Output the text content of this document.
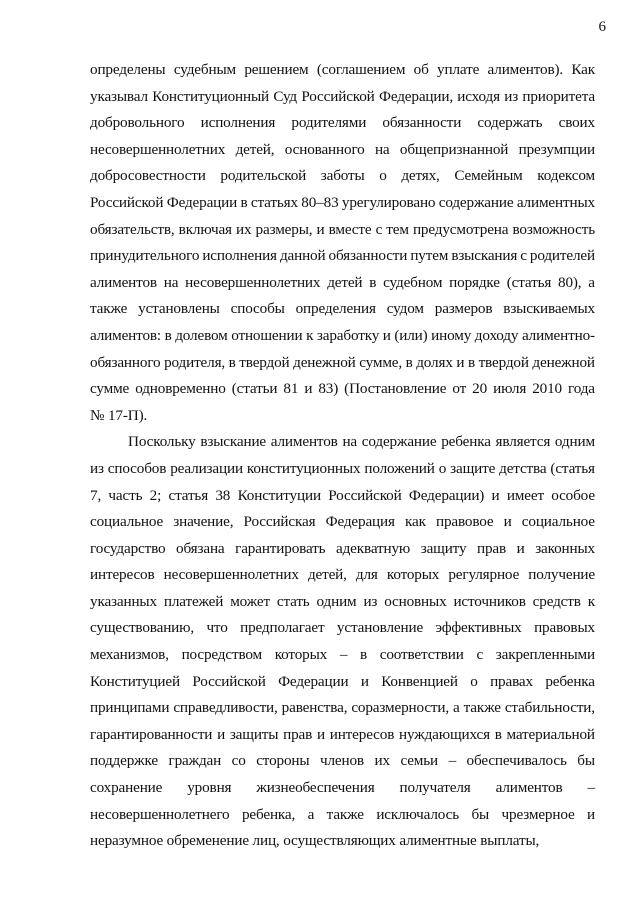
6
определены судебным решением (соглашением об уплате алиментов). Как
указывал Конституционный Суд Российской Федерации, исходя из приоритета
добровольного исполнения родителями обязанности содержать своих
несовершеннолетних детей, основанного на общепризнанной презумпции
добросовестности родительской заботы о детях, Семейным кодексом
Российской Федерации в статьях 80–83 урегулировано содержание алиментных
обязательств, включая их размеры, и вместе с тем предусмотрена возможность
принудительного исполнения данной обязанности путем взыскания с родителей
алиментов на несовершеннолетних детей в судебном порядке (статья 80), а
также установлены способы определения судом размеров взыскиваемых
алиментов: в долевом отношении к заработку и (или) иному доходу алиментно-
обязанного родителя, в твердой денежной сумме, в долях и в твердой денежной
сумме одновременно (статьи 81 и 83) (Постановление от 20 июля 2010 года
№ 17-П).
Поскольку взыскание алиментов на содержание ребенка является одним
из способов реализации конституционных положений о защите детства (статья
7, часть 2; статья 38 Конституции Российской Федерации) и имеет особое
социальное значение, Российская Федерация как правовое и социальное
государство обязана гарантировать адекватную защиту прав и законных
интересов несовершеннолетних детей, для которых регулярное получение
указанных платежей может стать одним из основных источников средств к
существованию, что предполагает установление эффективных правовых
механизмов, посредством которых – в соответствии с закрепленными
Конституцией Российской Федерации и Конвенцией о правах ребенка
принципами справедливости, равенства, соразмерности, а также стабильности,
гарантированности и защиты прав и интересов нуждающихся в материальной
поддержке граждан со стороны членов их семьи – обеспечивалось бы
сохранение уровня жизнеобеспечения получателя алиментов –
несовершеннолетнего ребенка, а также исключалось бы чрезмерное и
неразумное обременение лиц, осуществляющих алиментные выплаты,
